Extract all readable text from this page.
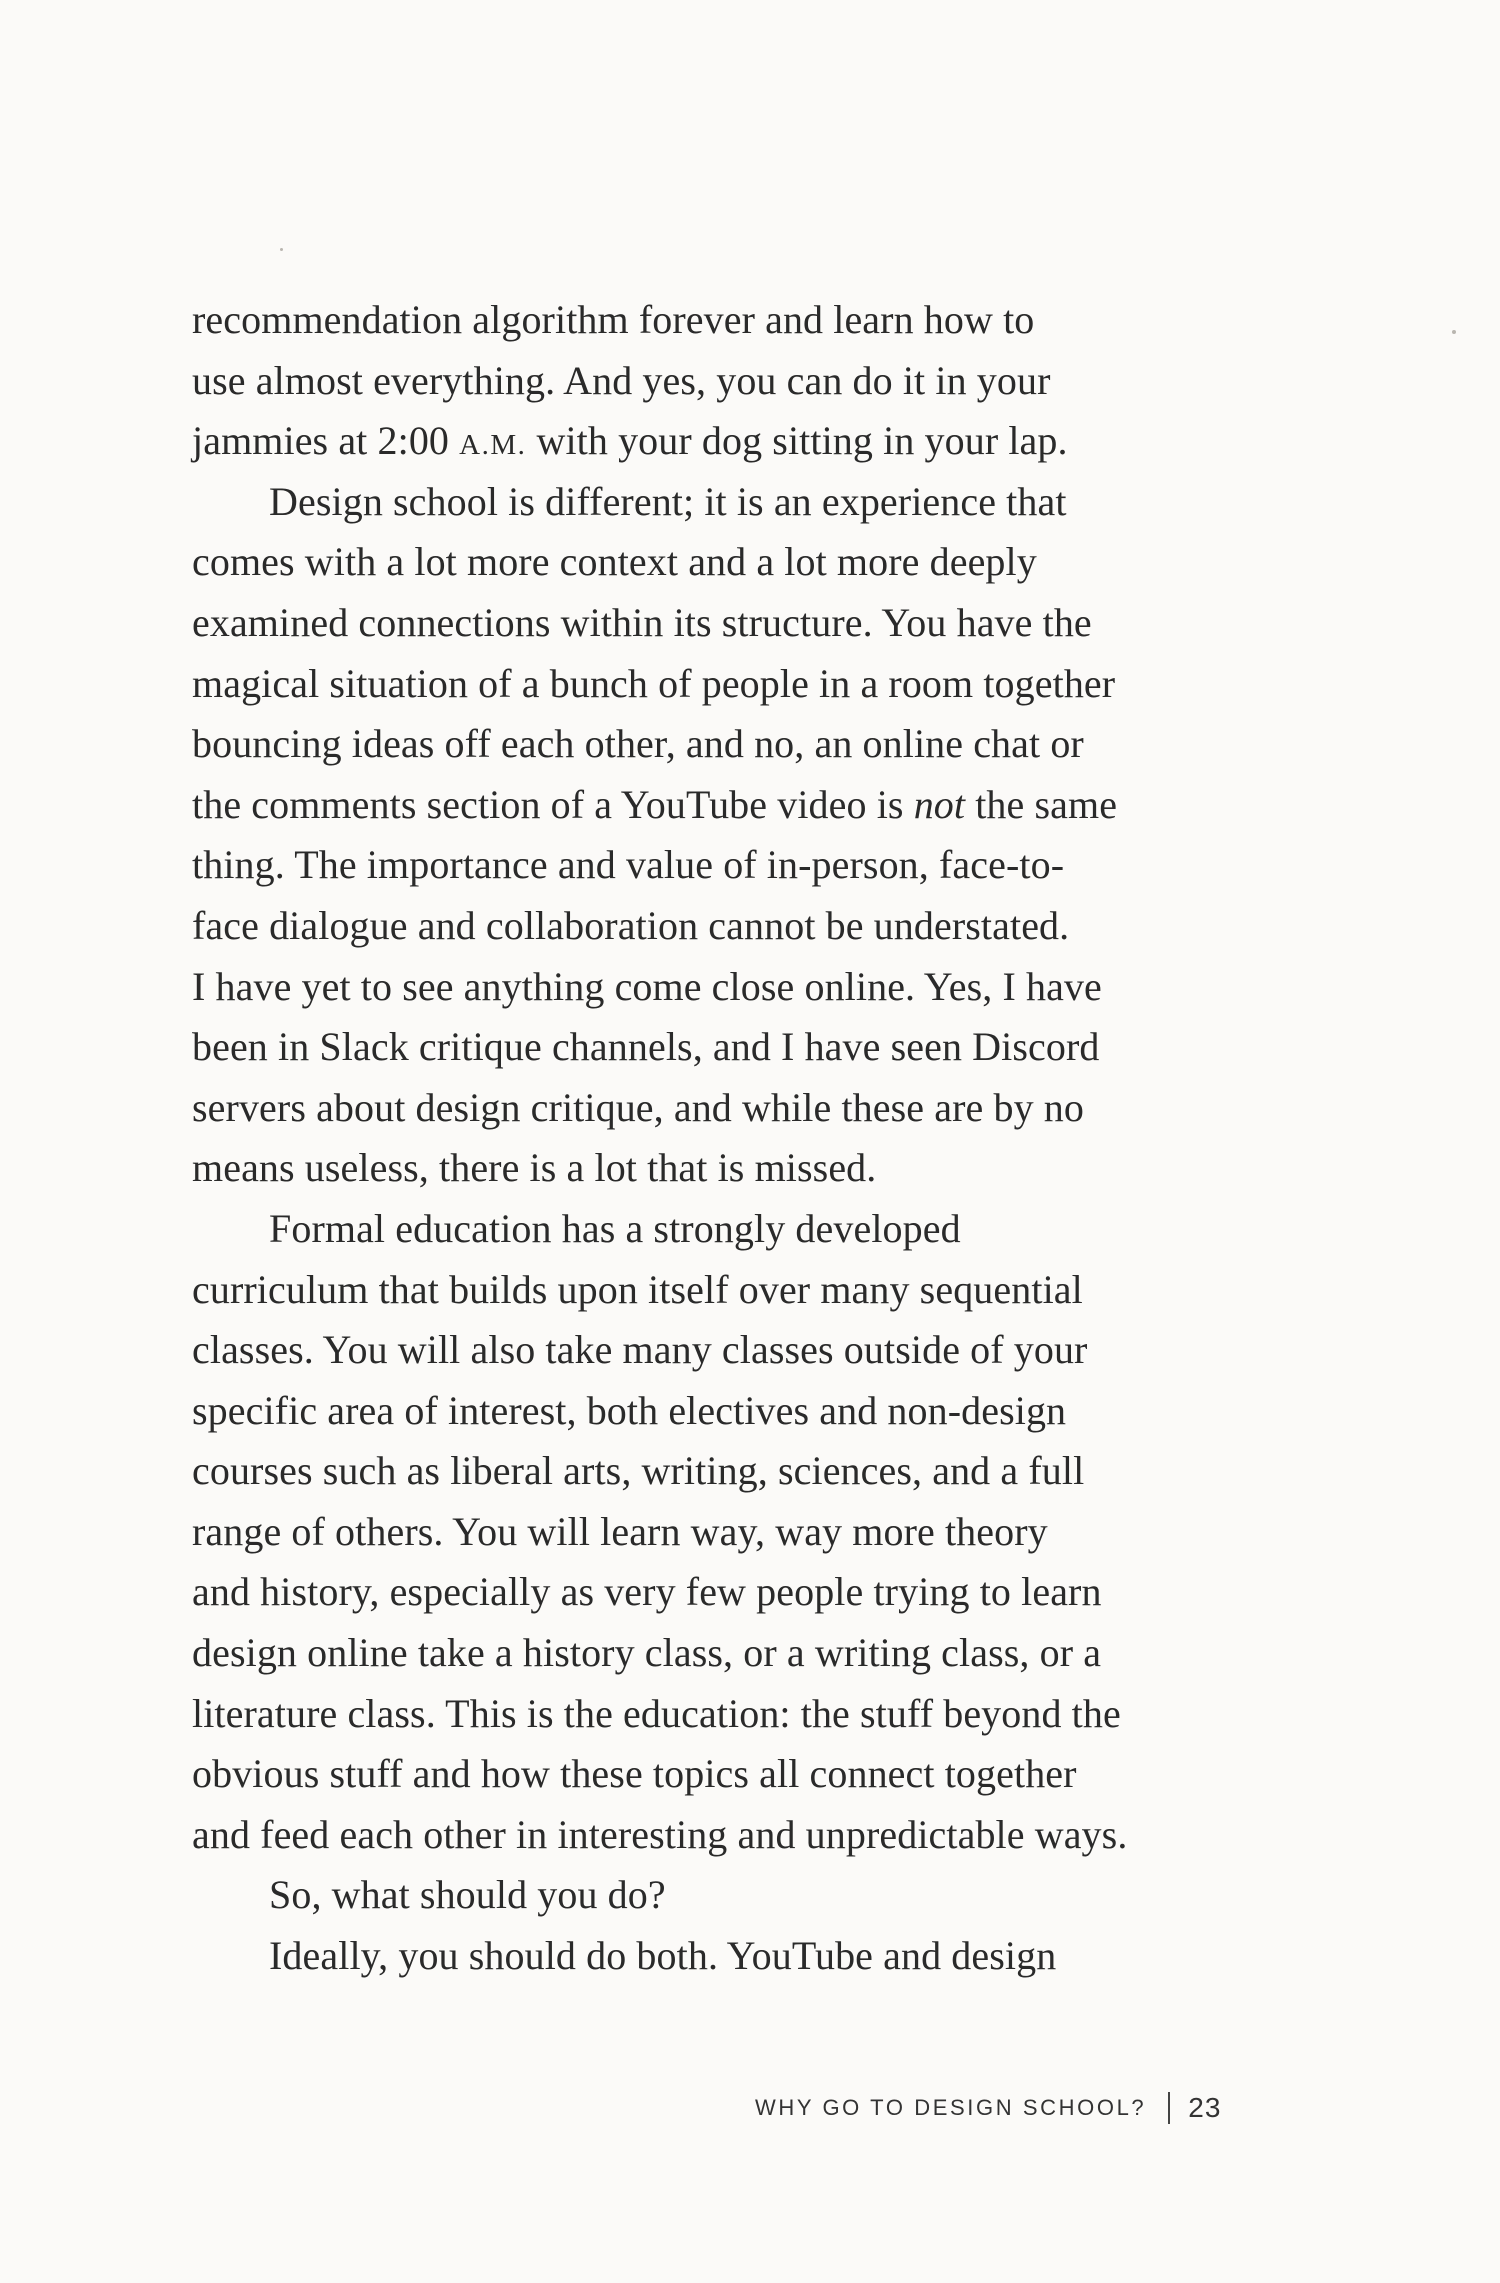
recommendation algorithm forever and learn how to
use almost everything. And yes, you can do it in your
jammies at 2:00 A.M. with your dog sitting in your lap.
Design school is different; it is an experience that
comes with a lot more context and a lot more deeply
examined connections within its structure. You have the
magical situation of a bunch of people in a room together
bouncing ideas off each other, and no, an online chat or
the comments section of a YouTube video is not the same
thing. The importance and value of in-person, face-to-
face dialogue and collaboration cannot be understated.
I have yet to see anything come close online. Yes, I have
been in Slack critique channels, and I have seen Discord
servers about design critique, and while these are by no
means useless, there is a lot that is missed.
Formal education has a strongly developed
curriculum that builds upon itself over many sequential
classes. You will also take many classes outside of your
specific area of interest, both electives and non-design
courses such as liberal arts, writing, sciences, and a full
range of others. You will learn way, way more theory
and history, especially as very few people trying to learn
design online take a history class, or a writing class, or a
literature class. This is the education: the stuff beyond the
obvious stuff and how these topics all connect together
and feed each other in interesting and unpredictable ways.
So, what should you do?
Ideally, you should do both. YouTube and design
WHY GO TO DESIGN SCHOOL? 23
